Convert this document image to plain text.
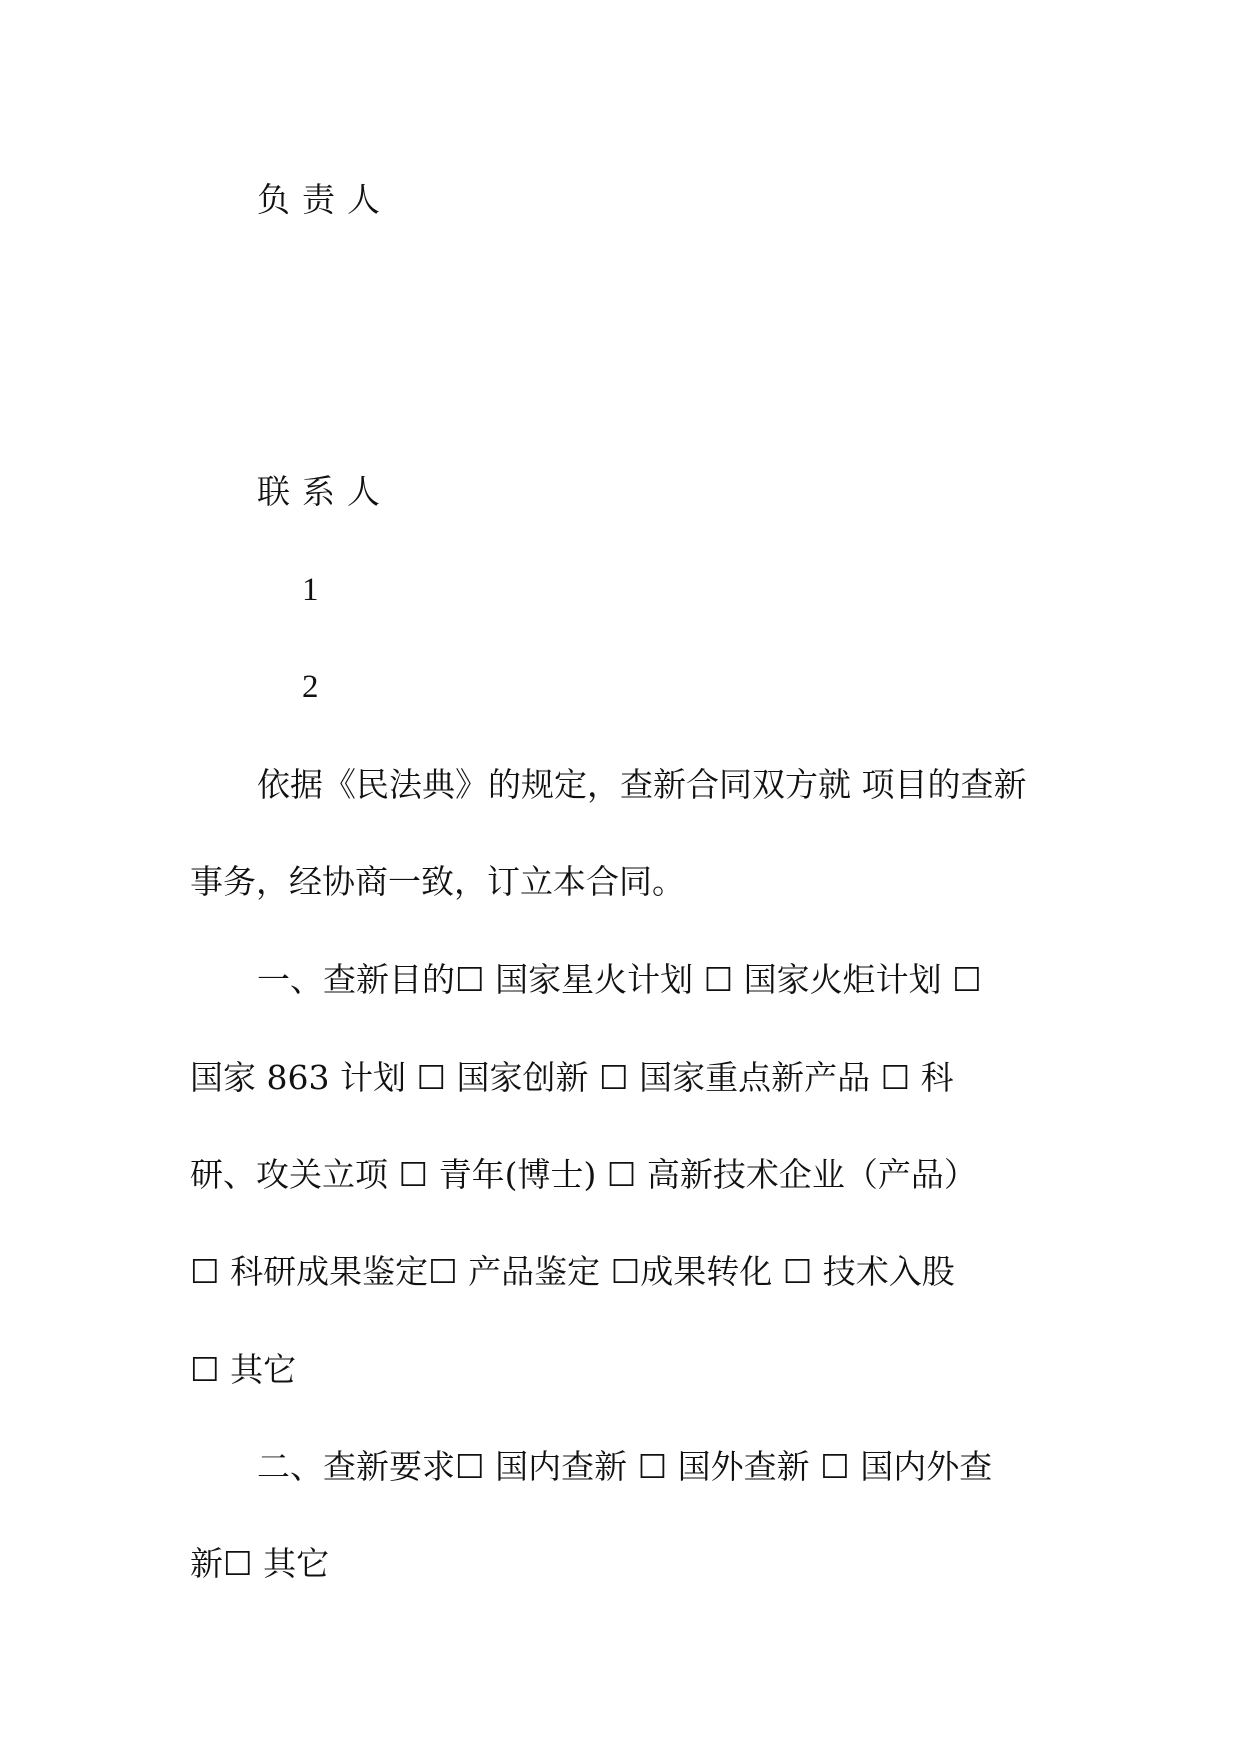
负责人

联系人

1

2

依据《民法典》的规定，查新合同双方就 项目的查新

事务，经协商一致，订立本合同。

一、查新目的☐ 国家星火计划 ☐ 国家火炬计划 ☐

国家 863 计划 ☐ 国家创新 ☐ 国家重点新产品 ☐ 科

研、攻关立项 ☐ 青年(博士) ☐ 高新技术企业（产品）

☐ 科研成果鉴定☐ 产品鉴定 ☐成果转化 ☐ 技术入股

☐ 其它

二、查新要求☐ 国内查新 ☐ 国外查新 ☐ 国内外查

新☐ 其它
